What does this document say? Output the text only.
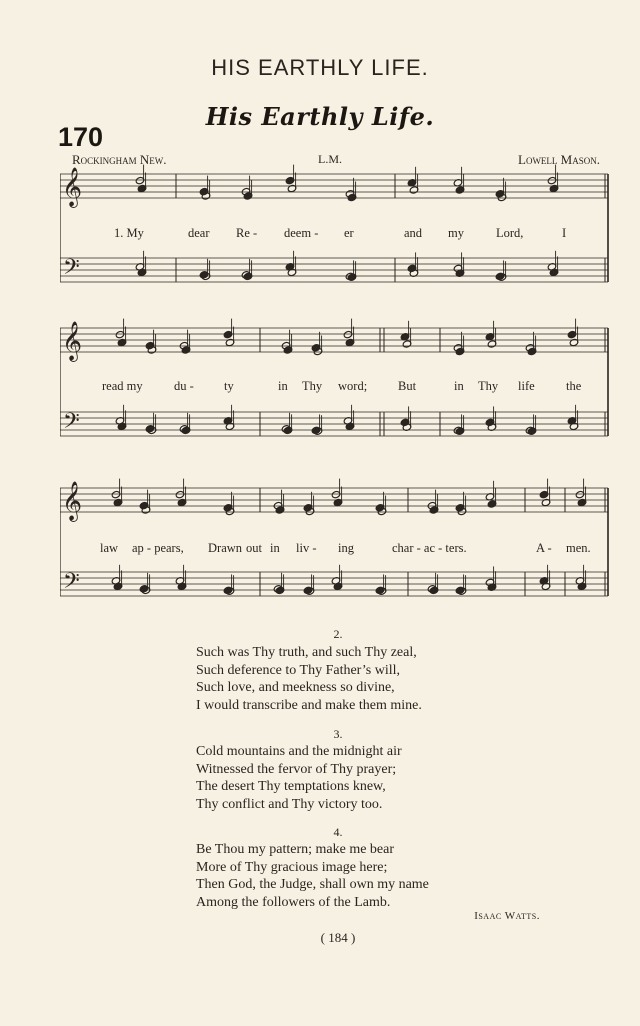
HIS EARTHLY LIFE.
His Earthly Life.
170
Rockingham New.	L.M.	Lowell Mason.
𝄞
𝄢
𝄞
𝄢
𝄞
𝄢
1. My	dear Re - deem - er	and my	Lord,	I
read my	du - ty	in Thy word; But	in Thy life	the
law ap - pears, Drawn out in liv - ing	char - ac - ters.	A - men.
2.
Such was Thy truth, and such Thy zeal,
Such deference to Thy Father’s will,
Such love, and meekness so divine,
I would transcribe and make them mine.
3.
Cold mountains and the midnight air
Witnessed the fervor of Thy prayer;
The desert Thy temptations knew,
Thy conflict and Thy victory too.
4.
Be Thou my pattern; make me bear
More of Thy gracious image here;
Then God, the Judge, shall own my name
Among the followers of the Lamb.
Isaac Watts.
( 184 )
